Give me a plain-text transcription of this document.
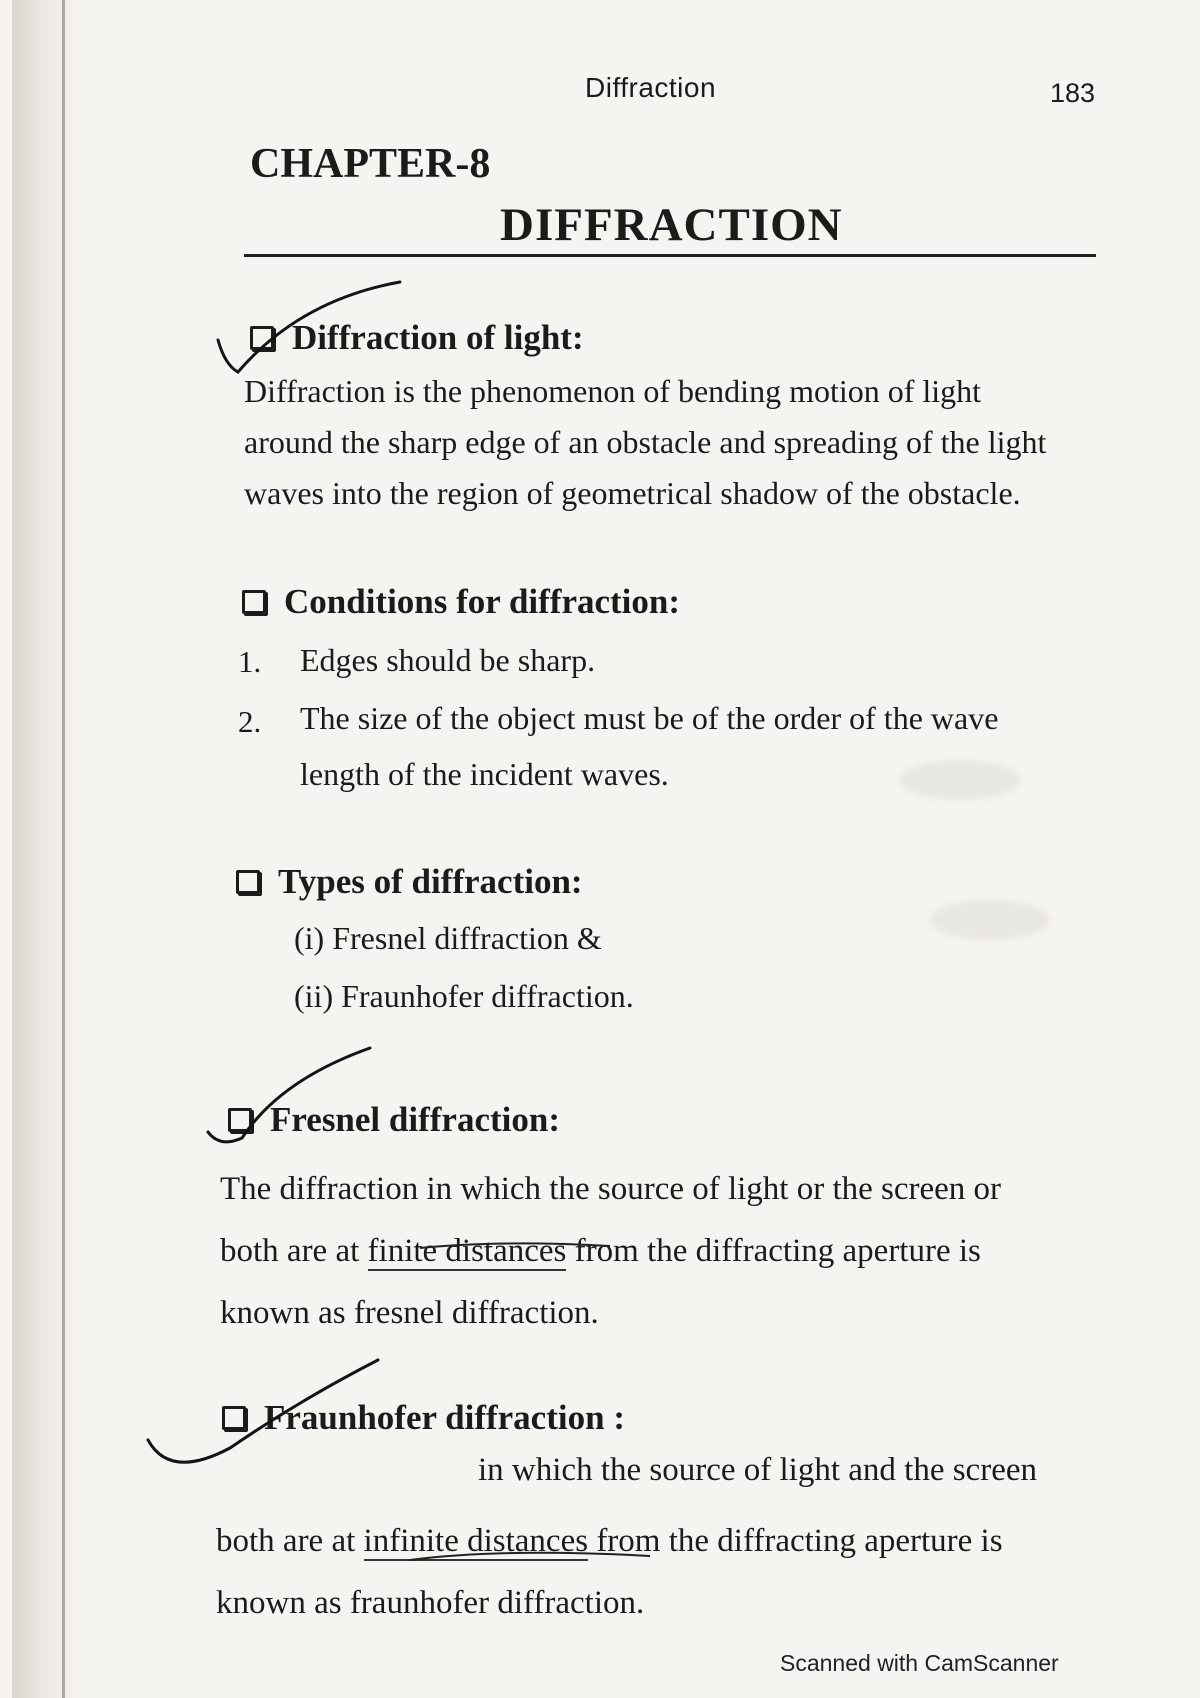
Diffraction	183
CHAPTER-8
DIFFRACTION
Diffraction of light:
Diffraction is the phenomenon of bending motion of light
around the sharp edge of an obstacle and spreading of the light
waves into the region of geometrical shadow of the obstacle.
Conditions for diffraction:
1. Edges should be sharp.
2. The size of the object must be of the order of the wave
length of the incident waves.
Types of diffraction:
(i) Fresnel diffraction &
(ii) Fraunhofer diffraction.
Fresnel diffraction:
The diffraction in which the source of light or the screen or
both are at finite distances from the diffracting aperture is
known as fresnel diffraction.
Fraunhofer diffraction :
in which the source of light and the screen
both are at infinite distances from the diffracting aperture is
known as fraunhofer diffraction.
Scanned with CamScanner
